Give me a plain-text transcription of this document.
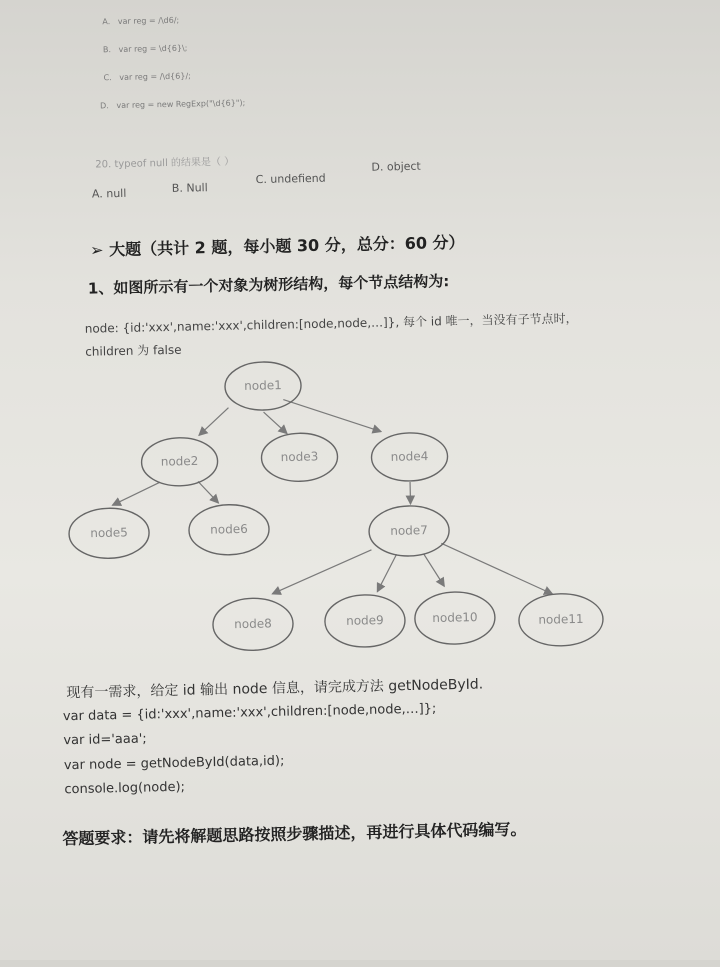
A. var reg = /\d6/;
B. var reg = \d{6}\;
C. var reg = /\d{6}/;
D. var reg = new RegExp("\d{6}");
20. typeof null 的结果是（ ）
A. null	B. Null
C. undefiend
D. object
➢ 大题（共计 2 题，每小题 30 分，总分：60 分）
1、如图所示有一个对象为树形结构，每个节点结构为:
node: {id:'xxx',name:'xxx',children:[node,node,…]}, 每个 id 唯一，当没有子节点时，
children 为 false
node1
node2	node3	node4
node5	node6	node7
node8	node9	node10	node11
现有一需求，给定 id 输出 node 信息，请完成方法 getNodeById.
var data = {id:'xxx',name:'xxx',children:[node,node,…]};
var id='aaa';
var node = getNodeById(data,id);
console.log(node);
答题要求：请先将解题思路按照步骤描述，再进行具体代码编写。
